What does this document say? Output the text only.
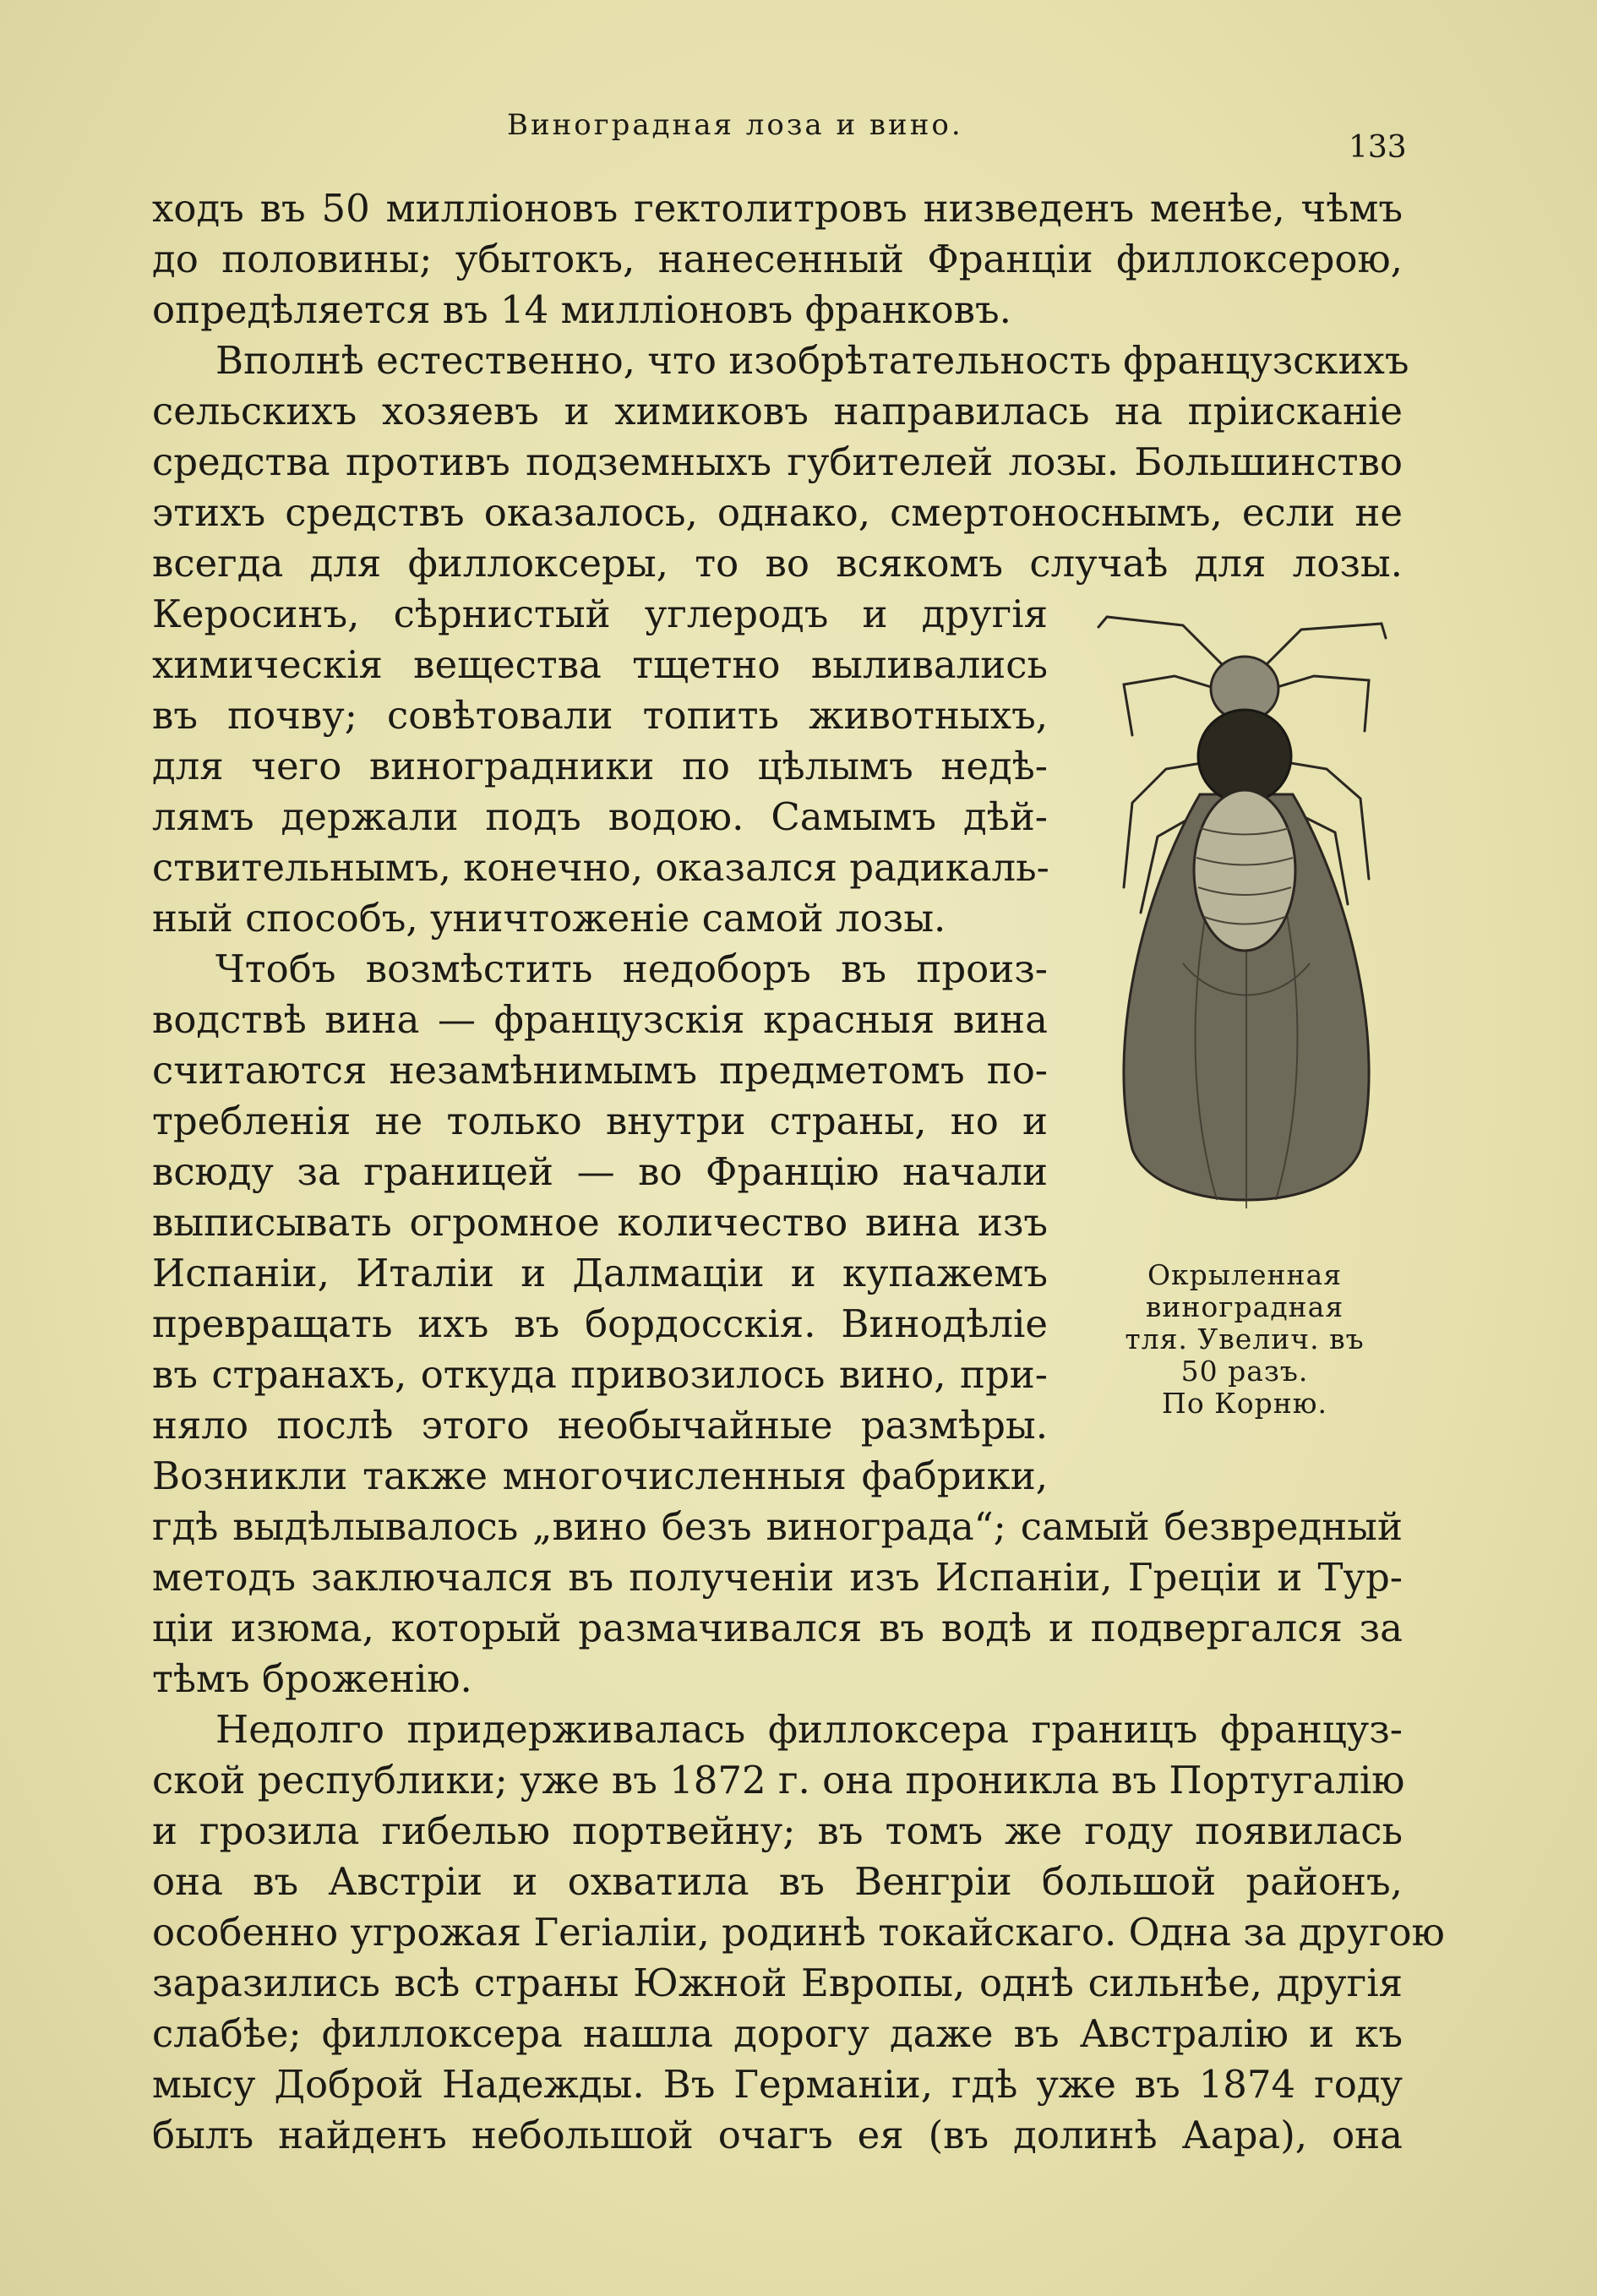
Виноградная лоза и вино.
133
ходъ въ 50 миллiоновъ гектолитровъ низведенъ менѣе, чѣмъ
до половины; убытокъ, нанесенный Францiи филлоксерою,
опредѣляется въ 14 миллiоновъ франковъ.
Вполнѣ естественно, что изобрѣтательность французскихъ
сельскихъ хозяевъ и химиковъ направилась на прiисканiе
средства противъ подземныхъ губителей лозы. Большинство
этихъ средствъ оказалось, однако, смертоноснымъ, если не
всегда для филлоксеры, то во всякомъ случаѣ для лозы.
Керосинъ, сѣрнистый углеродъ и другiя
химическiя вещества тщетно выливались
въ почву; совѣтовали топить животныхъ,
для чего виноградники по цѣлымъ недѣ-
лямъ держали подъ водою. Самымъ дѣй-
ствительнымъ, конечно, оказался радикаль-
ный способъ, уничтоженiе самой лозы.
Чтобъ возмѣстить недоборъ въ произ-
водствѣ вина — французскiя красныя вина
считаются незамѣнимымъ предметомъ по-
требленiя не только внутри страны, но и
всюду за границей — во Францiю начали
выписывать огромное количество вина изъ
Испанiи, Италiи и Далмацiи и купажемъ
превращать ихъ въ бордосскiя. Винодѣлiе
въ странахъ, откуда привозилось вино, при-
няло послѣ этого необычайные размѣры.
Возникли также многочисленныя фабрики,
гдѣ выдѣлывалось „вино безъ винограда“; самый безвредный
методъ заключался въ полученiи изъ Испанiи, Грецiи и Тур-
цiи изюма, который размачивался въ водѣ и подвергался за
тѣмъ броженiю.
Недолго придерживалась филлоксера границъ француз-
ской республики; уже въ 1872 г. она проникла въ Португалiю
и грозила гибелью портвейну; въ томъ же году появилась
она въ Австрiи и охватила въ Венгрiи большой районъ,
особенно угрожая Гегiалiи, родинѣ токайскаго. Одна за другою
заразились всѣ страны Южной Европы, однѣ сильнѣе, другiя
слабѣе; филлоксера нашла дорогу даже въ Австралiю и къ
мысу Доброй Надежды. Въ Германiи, гдѣ уже въ 1874 году
былъ найденъ небольшой очагъ ея (въ долинѣ Аара), она
Окрыленная
виноградная
тля. Увелич. въ
50 разъ.
По Корню.
